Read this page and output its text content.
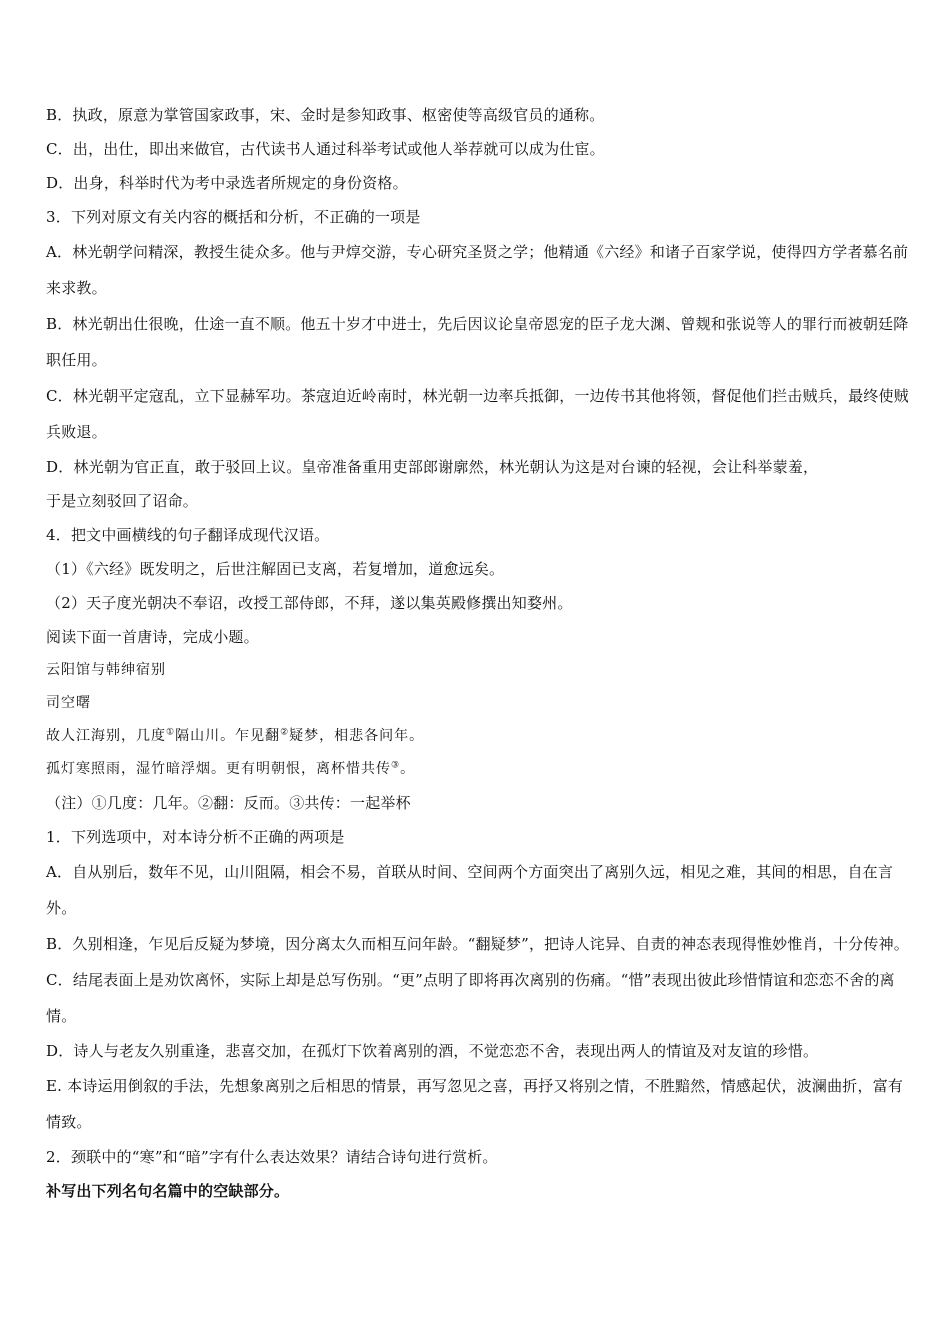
B．执政，原意为掌管国家政事，宋、金时是参知政事、枢密使等高级官员的通称。
C．出，出仕，即出来做官，古代读书人通过科举考试或他人举荐就可以成为仕宦。
D．出身，科举时代为考中录选者所规定的身份资格。
3．下列对原文有关内容的概括和分析，不正确的一项是
A．林光朝学问精深，教授生徒众多。他与尹焞交游，专心研究圣贤之学；他精通《六经》和诸子百家学说，使得四方学者慕名前来求教。
B．林光朝出仕很晚，仕途一直不顺。他五十岁才中进士，先后因议论皇帝恩宠的臣子龙大渊、曾觌和张说等人的罪行而被朝廷降职任用。
C．林光朝平定寇乱，立下显赫军功。茶寇迫近岭南时，林光朝一边率兵抵御，一边传书其他将领，督促他们拦击贼兵，最终使贼兵败退。
D．林光朝为官正直，敢于驳回上议。皇帝准备重用吏部郎谢廓然，林光朝认为这是对台谏的轻视，会让科举蒙羞，
于是立刻驳回了诏命。
4．把文中画横线的句子翻译成现代汉语。
（1）《六经》既发明之，后世注解固已支离，若复增加，道愈远矣。
（2）天子度光朝决不奉诏，改授工部侍郎，不拜，遂以集英殿修撰出知婺州。
阅读下面一首唐诗，完成小题。
云阳馆与韩绅宿别
司空曙
故人江海别，几度①隔山川。乍见翻②疑梦，相悲各问年。
孤灯寒照雨，湿竹暗浮烟。更有明朝恨，离杯惜共传③。
（注）①几度：几年。②翻：反而。③共传：一起举杯
1．下列选项中，对本诗分析不正确的两项是
A．自从别后，数年不见，山川阻隔，相会不易，首联从时间、空间两个方面突出了离别久远，相见之难，其间的相思，自在言外。
B．久别相逢，乍见后反疑为梦境，因分离太久而相互问年龄。“翻疑梦”，把诗人诧异、自责的神态表现得惟妙惟肖，十分传神。
C．结尾表面上是劝饮离怀，实际上却是总写伤别。“更”点明了即将再次离别的伤痛。“惜”表现出彼此珍惜情谊和恋恋不舍的离情。
D．诗人与老友久别重逢，悲喜交加，在孤灯下饮着离别的酒，不觉恋恋不舍，表现出两人的情谊及对友谊的珍惜。
E. 本诗运用倒叙的手法，先想象离别之后相思的情景，再写忽见之喜，再抒又将别之情，不胜黯然，情感起伏，波澜曲折，富有情致。
2．颈联中的“寒”和“暗”字有什么表达效果？请结合诗句进行赏析。
补写出下列名句名篇中的空缺部分。
